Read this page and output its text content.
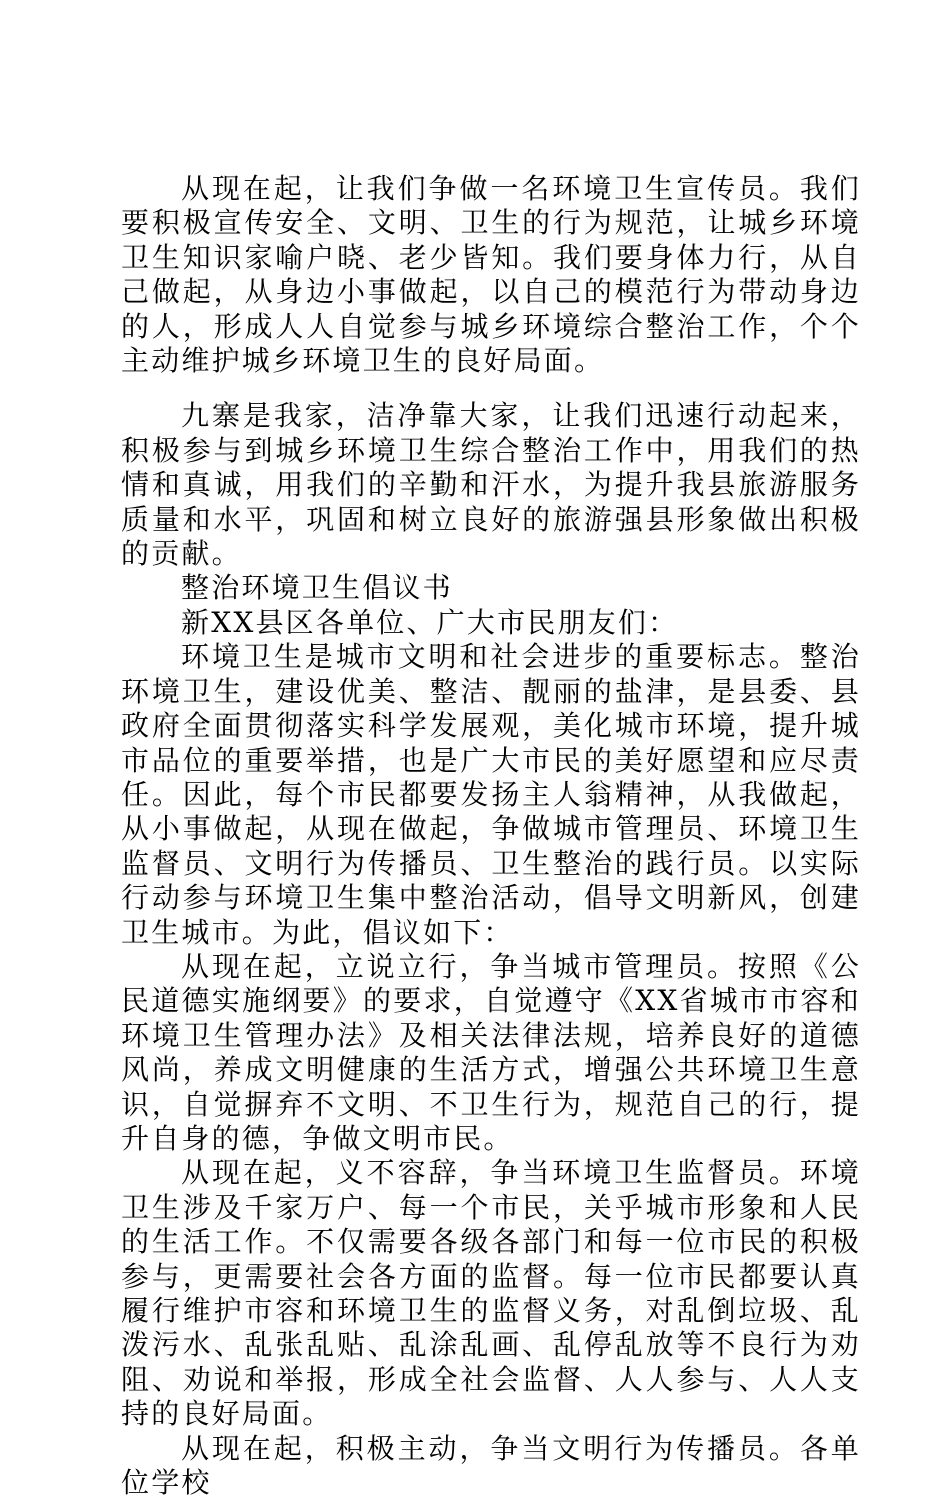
从现在起，让我们争做一名环境卫生宣传员。我们要积极宣传安全、文明、卫生的行为规范，让城乡环境卫生知识家喻户晓、老少皆知。我们要身体力行，从自己做起，从身边小事做起，以自己的模范行为带动身边的人，形成人人自觉参与城乡环境综合整治工作，个个主动维护城乡环境卫生的良好局面。

九寨是我家，洁净靠大家，让我们迅速行动起来，积极参与到城乡环境卫生综合整治工作中，用我们的热情和真诚，用我们的辛勤和汗水，为提升我县旅游服务质量和水平，巩固和树立良好的旅游强县形象做出积极的贡献。

整治环境卫生倡议书

新XX县区各单位、广大市民朋友们：

环境卫生是城市文明和社会进步的重要标志。整治环境卫生，建设优美、整洁、靓丽的盐津，是县委、县政府全面贯彻落实科学发展观，美化城市环境，提升城市品位的重要举措，也是广大市民的美好愿望和应尽责任。因此，每个市民都要发扬主人翁精神，从我做起，从小事做起，从现在做起，争做城市管理员、环境卫生监督员、文明行为传播员、卫生整治的践行员。以实际行动参与环境卫生集中整治活动，倡导文明新风，创建卫生城市。为此，倡议如下：

从现在起，立说立行，争当城市管理员。按照《公民道德实施纲要》的要求，自觉遵守《XX省城市市容和环境卫生管理办法》及相关法律法规，培养良好的道德风尚，养成文明健康的生活方式，增强公共环境卫生意识，自觉摒弃不文明、不卫生行为，规范自己的行，提升自身的德，争做文明市民。

从现在起，义不容辞，争当环境卫生监督员。环境卫生涉及千家万户、每一个市民，关乎城市形象和人民的生活工作。不仅需要各级各部门和每一位市民的积极参与，更需要社会各方面的监督。每一位市民都要认真履行维护市容和环境卫生的监督义务，对乱倒垃圾、乱泼污水、乱张乱贴、乱涂乱画、乱停乱放等不良行为劝阻、劝说和举报，形成全社会监督、人人参与、人人支持的良好局面。

从现在起，积极主动，争当文明行为传播员。各单位学校
